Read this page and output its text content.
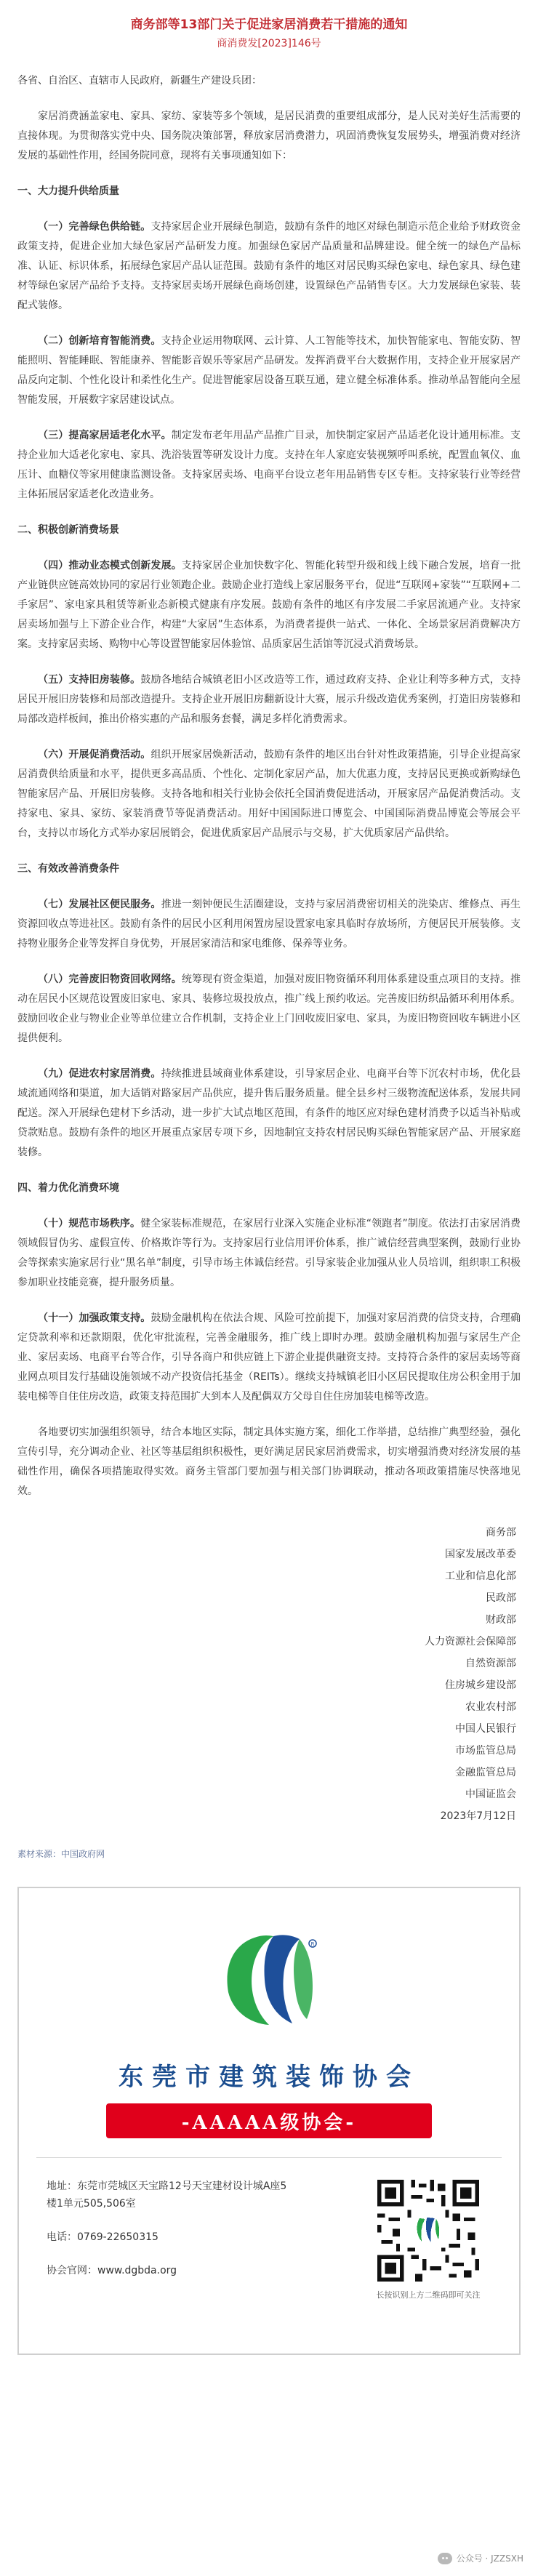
商务部等13部门关于促进家居消费若干措施的通知
商消费发[2023]146号

各省、自治区、直辖市人民政府，新疆生产建设兵团：

家居消费涵盖家电、家具、家纺、家装等多个领域，是居民消费的重要组成部分，是人民对美好生活需要的直接体现。为贯彻落实党中央、国务院决策部署，释放家居消费潜力，巩固消费恢复发展势头，增强消费对经济发展的基础性作用，经国务院同意，现将有关事项通知如下：

一、大力提升供给质量

（一）完善绿色供给链。支持家居企业开展绿色制造，鼓励有条件的地区对绿色制造示范企业给予财政资金政策支持，促进企业加大绿色家居产品研发力度。加强绿色家居产品质量和品牌建设。健全统一的绿色产品标准、认证、标识体系，拓展绿色家居产品认证范围。鼓励有条件的地区对居民购买绿色家电、绿色家具、绿色建材等绿色家居产品给予支持。支持家居卖场开展绿色商场创建，设置绿色产品销售专区。大力发展绿色家装、装配式装修。

（二）创新培育智能消费。支持企业运用物联网、云计算、人工智能等技术，加快智能家电、智能安防、智能照明、智能睡眠、智能康养、智能影音娱乐等家居产品研发。发挥消费平台大数据作用，支持企业开展家居产品反向定制、个性化设计和柔性化生产。促进智能家居设备互联互通，建立健全标准体系。推动单品智能向全屋智能发展，开展数字家居建设试点。

（三）提高家居适老化水平。制定发布老年用品产品推广目录，加快制定家居产品适老化设计通用标准。支持企业加大适老化家电、家具、洗浴装置等研发设计力度。支持在年人家庭安装视频呼叫系统，配置血氧仪、血压计、血糖仪等家用健康监测设备。支持家居卖场、电商平台设立老年用品销售专区专柜。支持家装行业等经营主体拓展居家适老化改造业务。

二、积极创新消费场景

（四）推动业态模式创新发展。支持家居企业加快数字化、智能化转型升级和线上线下融合发展，培育一批产业链供应链高效协同的家居行业领跑企业。鼓励企业打造线上家居服务平台，促进“互联网+家装”“互联网+二手家居”、家电家具租赁等新业态新模式健康有序发展。鼓励有条件的地区有序发展二手家居流通产业。支持家居卖场加强与上下游企业合作，构建“大家居”生态体系，为消费者提供一站式、一体化、全场景家居消费解决方案。支持家居卖场、购物中心等设置智能家居体验馆、品质家居生活馆等沉浸式消费场景。

（五）支持旧房装修。鼓励各地结合城镇老旧小区改造等工作，通过政府支持、企业让利等多种方式，支持居民开展旧房装修和局部改造提升。支持企业开展旧房翻新设计大赛，展示升级改造优秀案例，打造旧房装修和局部改造样板间，推出价格实惠的产品和服务套餐，满足多样化消费需求。

（六）开展促消费活动。组织开展家居焕新活动，鼓励有条件的地区出台针对性政策措施，引导企业提高家居消费供给质量和水平，提供更多高品质、个性化、定制化家居产品，加大优惠力度，支持居民更换或新购绿色智能家居产品、开展旧房装修。支持各地和相关行业协会依托全国消费促进活动，开展家居产品促消费活动。支持家电、家具、家纺、家装消费节等促消费活动。用好中国国际进口博览会、中国国际消费品博览会等展会平台，支持以市场化方式举办家居展销会，促进优质家居产品展示与交易，扩大优质家居产品供给。

三、有效改善消费条件

（七）发展社区便民服务。推进一刻钟便民生活圈建设，支持与家居消费密切相关的洗染店、维修点、再生资源回收点等进社区。鼓励有条件的居民小区利用闲置房屋设置家电家具临时存放场所，方便居民开展装修。支持物业服务企业等发挥自身优势，开展居家清洁和家电维修、保养等业务。

（八）完善废旧物资回收网络。统筹现有资金渠道，加强对废旧物资循环利用体系建设重点项目的支持。推动在居民小区规范设置废旧家电、家具、装修垃圾投放点，推广线上预约收运。完善废旧纺织品循环利用体系。鼓励回收企业与物业企业等单位建立合作机制，支持企业上门回收废旧家电、家具，为废旧物资回收车辆进小区提供便利。

（九）促进农村家居消费。持续推进县域商业体系建设，引导家居企业、电商平台等下沉农村市场，优化县域流通网络和渠道，加大适销对路家居产品供应，提升售后服务质量。健全县乡村三级物流配送体系，发展共同配送。深入开展绿色建材下乡活动，进一步扩大试点地区范围，有条件的地区应对绿色建材消费予以适当补贴或贷款贴息。鼓励有条件的地区开展重点家居专项下乡，因地制宜支持农村居民购买绿色智能家居产品、开展家庭装修。

四、着力优化消费环境

（十）规范市场秩序。健全家装标准规范，在家居行业深入实施企业标准“领跑者”制度。依法打击家居消费领域假冒伪劣、虚假宣传、价格欺诈等行为。支持家居行业信用评价体系，推广诚信经营典型案例，鼓励行业协会等探索实施家居行业“黑名单”制度，引导市场主体诚信经营。引导家装企业加强从业人员培训，组织职工积极参加职业技能竞赛，提升服务质量。

（十一）加强政策支持。鼓励金融机构在依法合规、风险可控前提下，加强对家居消费的信贷支持，合理确定贷款利率和还款期限，优化审批流程，完善金融服务，推广线上即时办理。鼓励金融机构加强与家居生产企业、家居卖场、电商平台等合作，引导各商户和供应链上下游企业提供融资支持。支持符合条件的家居卖场等商业网点项目发行基础设施领域不动产投资信托基金（REITs）。继续支持城镇老旧小区居民提取住房公积金用于加装电梯等自住住房改造，政策支持范围扩大到本人及配偶双方父母自住住房加装电梯等改造。

各地要切实加强组织领导，结合本地区实际，制定具体实施方案，细化工作举措，总结推广典型经验，强化宣传引导，充分调动企业、社区等基层组织积极性，更好满足居民家居消费需求，切实增强消费对经济发展的基础性作用，确保各项措施取得实效。商务主管部门要加强与相关部门协调联动，推动各项政策措施尽快落地见效。

商务部
国家发展改革委
工业和信息化部
民政部
财政部
人力资源社会保障部
自然资源部
住房城乡建设部
农业农村部
中国人民银行
市场监管总局
金融监管总局
中国证监会
2023年7月12日
素材来源：中国政府网
R
东莞市建筑装饰协会
-AAAAA级协会-
地址：东莞市莞城区天宝路12号天宝建材设计城A座5楼1单元505,506室
电话：0769-22650315
协会官网：www.dgbda.org
长按识别上方二维码即可关注
公众号 · JZZSXH
